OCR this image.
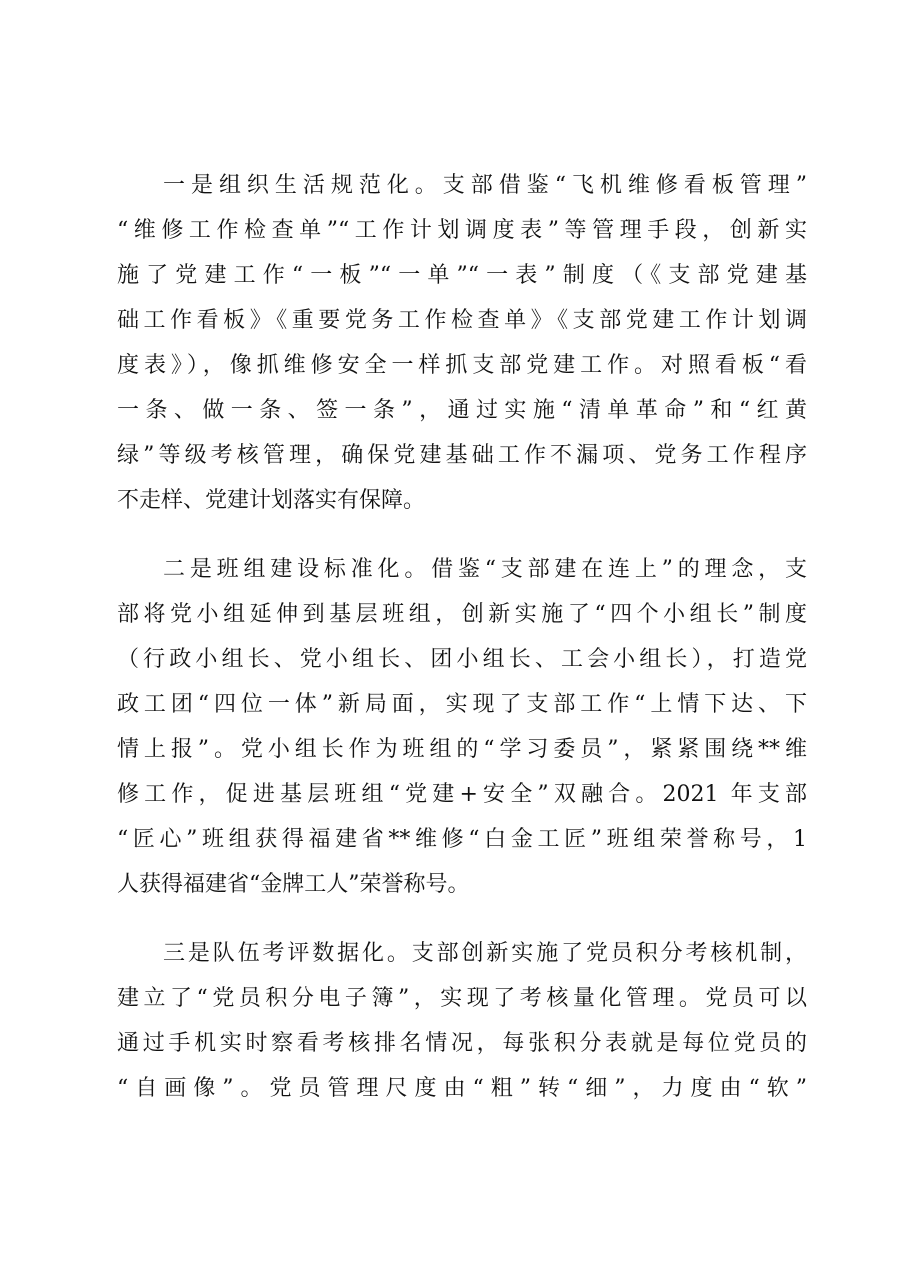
一是组织生活规范化。支部借鉴“飞机维修看板管理”
“维修工作检查单”“工作计划调度表”等管理手段，创新实
施了党建工作“一板”“一单”“一表”制度（《支部党建基
础工作看板》《重要党务工作检查单》《支部党建工作计划调
度表》），像抓维修安全一样抓支部党建工作。对照看板“看
一条、做一条、签一条”，通过实施“清单革命”和“红黄
绿”等级考核管理，确保党建基础工作不漏项、党务工作程序
不走样、党建计划落实有保障。
二是班组建设标准化。借鉴“支部建在连上”的理念，支
部将党小组延伸到基层班组，创新实施了“四个小组长”制度
（行政小组长、党小组长、团小组长、工会小组长），打造党
政工团“四位一体”新局面，实现了支部工作“上情下达、下
情上报”。党小组长作为班组的“学习委员”，紧紧围绕**维
修工作，促进基层班组“党建+安全”双融合。2021 年支部
“匠心”班组获得福建省**维修“白金工匠”班组荣誉称号，1
人获得福建省“金牌工人”荣誉称号。
三是队伍考评数据化。支部创新实施了党员积分考核机制，
建立了“党员积分电子簿”，实现了考核量化管理。党员可以
通过手机实时察看考核排名情况，每张积分表就是每位党员的
“自画像”。党员管理尺度由“粗”转“细”，力度由“软”
